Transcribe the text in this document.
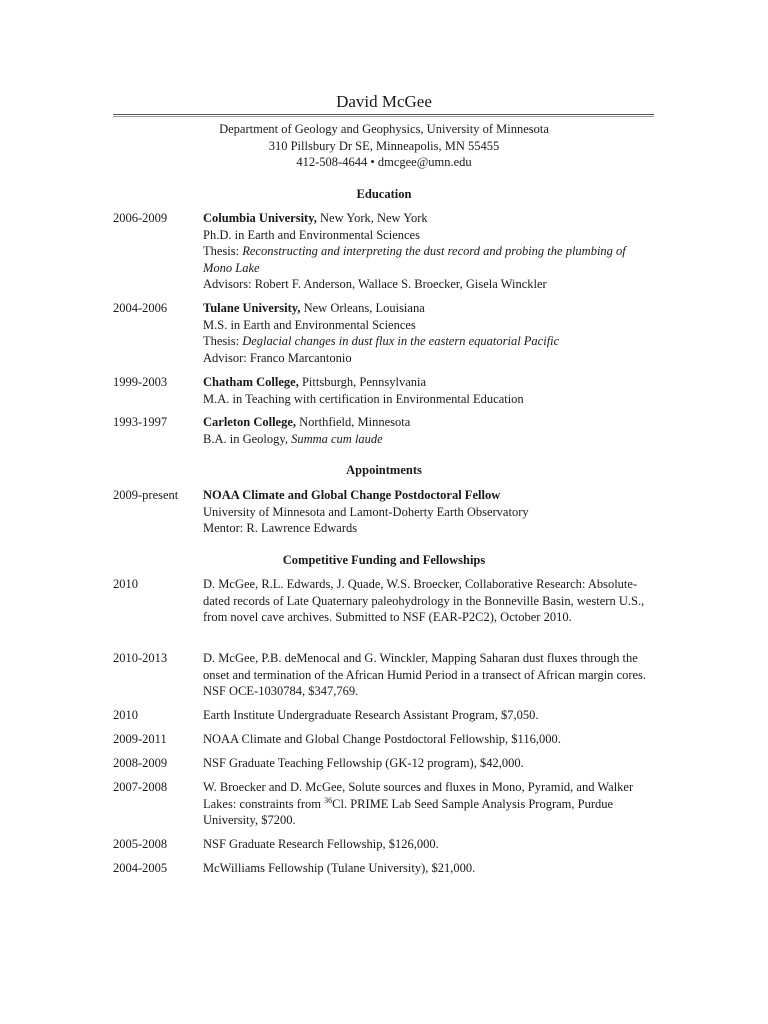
David McGee
Department of Geology and Geophysics, University of Minnesota
310 Pillsbury Dr SE, Minneapolis, MN 55455
412-508-4644 • dmcgee@umn.edu
Education
2006-2009	Columbia University, New York, New York
Ph.D. in Earth and Environmental Sciences
Thesis: Reconstructing and interpreting the dust record and probing the plumbing of Mono Lake
Advisors: Robert F. Anderson, Wallace S. Broecker, Gisela Winckler
2004-2006	Tulane University, New Orleans, Louisiana
M.S. in Earth and Environmental Sciences
Thesis: Deglacial changes in dust flux in the eastern equatorial Pacific
Advisor: Franco Marcantonio
1999-2003	Chatham College, Pittsburgh, Pennsylvania
M.A. in Teaching with certification in Environmental Education
1993-1997	Carleton College, Northfield, Minnesota
B.A. in Geology, Summa cum laude
Appointments
2009-present	NOAA Climate and Global Change Postdoctoral Fellow
University of Minnesota and Lamont-Doherty Earth Observatory
Mentor: R. Lawrence Edwards
Competitive Funding and Fellowships
2010	D. McGee, R.L. Edwards, J. Quade, W.S. Broecker, Collaborative Research: Absolute-dated records of Late Quaternary paleohydrology in the Bonneville Basin, western U.S., from novel cave archives. Submitted to NSF (EAR-P2C2), October 2010.
2010-2013	D. McGee, P.B. deMenocal and G. Winckler, Mapping Saharan dust fluxes through the onset and termination of the African Humid Period in a transect of African margin cores. NSF OCE-1030784, $347,769.
2010	Earth Institute Undergraduate Research Assistant Program, $7,050.
2009-2011	NOAA Climate and Global Change Postdoctoral Fellowship, $116,000.
2008-2009	NSF Graduate Teaching Fellowship (GK-12 program), $42,000.
2007-2008	W. Broecker and D. McGee, Solute sources and fluxes in Mono, Pyramid, and Walker Lakes: constraints from $^{36}$Cl. PRIME Lab Seed Sample Analysis Program, Purdue University, $7200.
2005-2008	NSF Graduate Research Fellowship, $126,000.
2004-2005	McWilliams Fellowship (Tulane University), $21,000.
